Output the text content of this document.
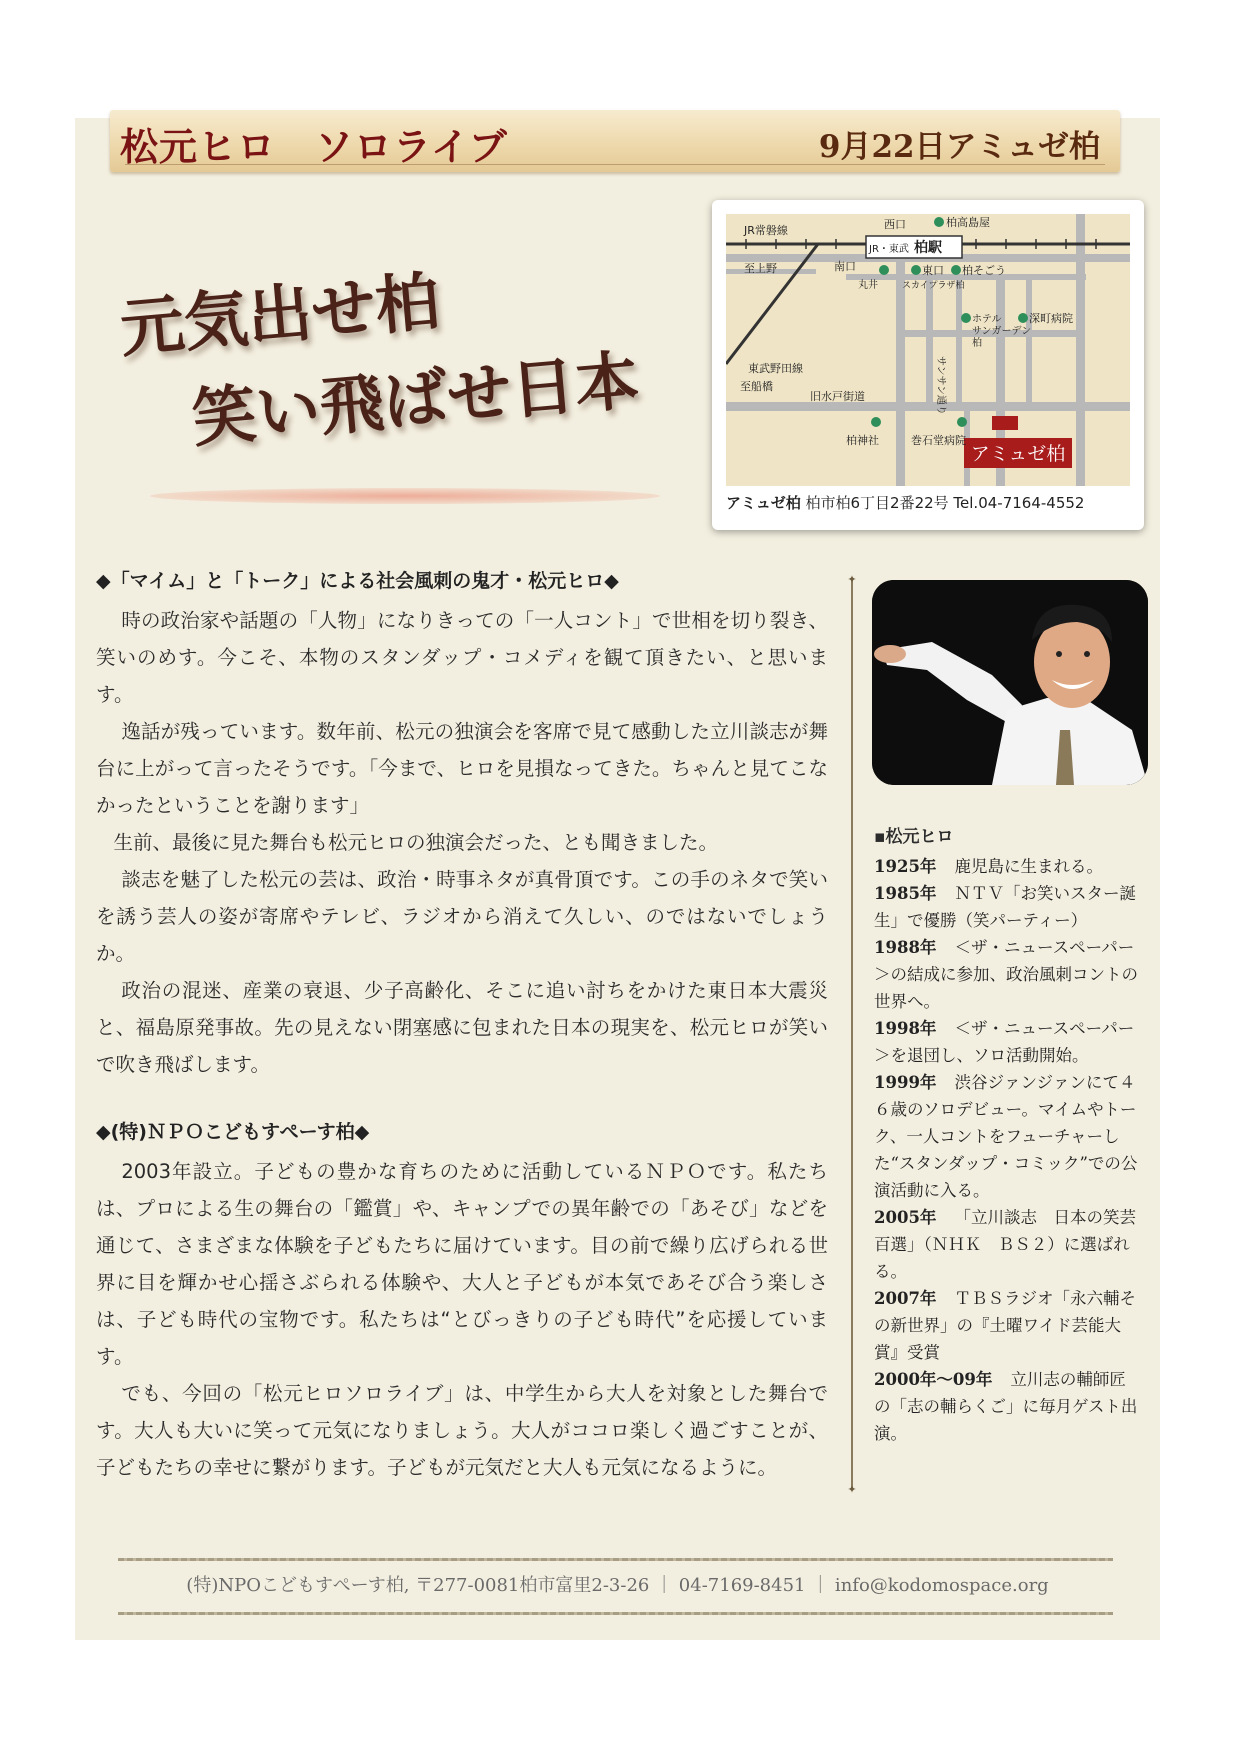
松元ヒロ　ソロライブ	9月22日アミュゼ柏
元気出せ柏
笑い飛ばせ日本	アミュゼ柏
JR常磐線
至上野
JR・東武 柏駅
西口	柏高島屋
南口	東口 柏そごう
丸井	スカイプラザ柏
ホテル
サンガーデン
柏
深町病院
東武野田線
至船橋
旧水戸街道	サンサン通り
柏神社	巻石堂病院
アミュゼ柏 柏市柏6丁目2番22号 Tel.04-7164-4552
◆「マイム」と「トーク」による社会風刺の鬼才・松元ヒロ◆

時の政治家や話題の「人物」になりきっての「一人コント」で世相を切り裂き、笑いのめす。今こそ、本物のスタンダップ・コメディを観て頂きたい、と思います。

逸話が残っています。数年前、松元の独演会を客席で見て感動した立川談志が舞台に上がって言ったそうです。「今まで、ヒロを見損なってきた。ちゃんと見てこなかったということを謝ります」

生前、最後に見た舞台も松元ヒロの独演会だった、とも聞きました。

談志を魅了した松元の芸は、政治・時事ネタが真骨頂です。この手のネタで笑いを誘う芸人の姿が寄席やテレビ、ラジオから消えて久しい、のではないでしょうか。

政治の混迷、産業の衰退、少子高齢化、そこに追い討ちをかけた東日本大震災と、福島原発事故。先の見えない閉塞感に包まれた日本の現実を、松元ヒロが笑いで吹き飛ばします。

◆(特)ＮＰＯこどもすぺーす柏◆

2003年設立。子どもの豊かな育ちのために活動しているＮＰＯです。私たちは、プロによる生の舞台の「鑑賞」や、キャンプでの異年齢での「あそび」などを通じて、さまざまな体験を子どもたちに届けています。目の前で繰り広げられる世界に目を輝かせ心揺さぶられる体験や、大人と子どもが本気であそび合う楽しさは、子ども時代の宝物です。私たちは“とびっきりの子ども時代”を応援しています。

でも、今回の「松元ヒロソロライブ」は、中学生から大人を対象とした舞台です。大人も大いに笑って元気になりましょう。大人がココロ楽しく過ごすことが、子どもたちの幸せに繋がります。子どもが元気だと大人も元気になるように。

✦
✦
▪松元ヒロ

1925年 鹿児島に生まれる。

1985年 ＮＴＶ「お笑いスター誕生」で優勝（笑パーティー）

1988年 ＜ザ・ニュースペーパー＞の結成に参加、政治風刺コントの世界へ。

1998年 ＜ザ・ニュースペーパー＞を退団し、ソロ活動開始。

1999年 渋谷ジァンジァンにて４６歳のソロデビュー。マイムやトーク、一人コントをフューチャーした“スタンダップ・コミック”での公演活動に入る。

2005年 「立川談志　日本の笑芸百選」（ＮＨＫ　ＢＳ２）に選ばれる。

2007年 ＴＢＳラジオ「永六輔その新世界」の『土曜ワイド芸能大賞』受賞

2000年〜09年 立川志の輔師匠の「志の輔らくご」に毎月ゲスト出演。

(特)NPOこどもすぺーす柏, 〒277-0081柏市富里2-3-26 ｜ 04-7169-8451 ｜ info@kodomospace.org
